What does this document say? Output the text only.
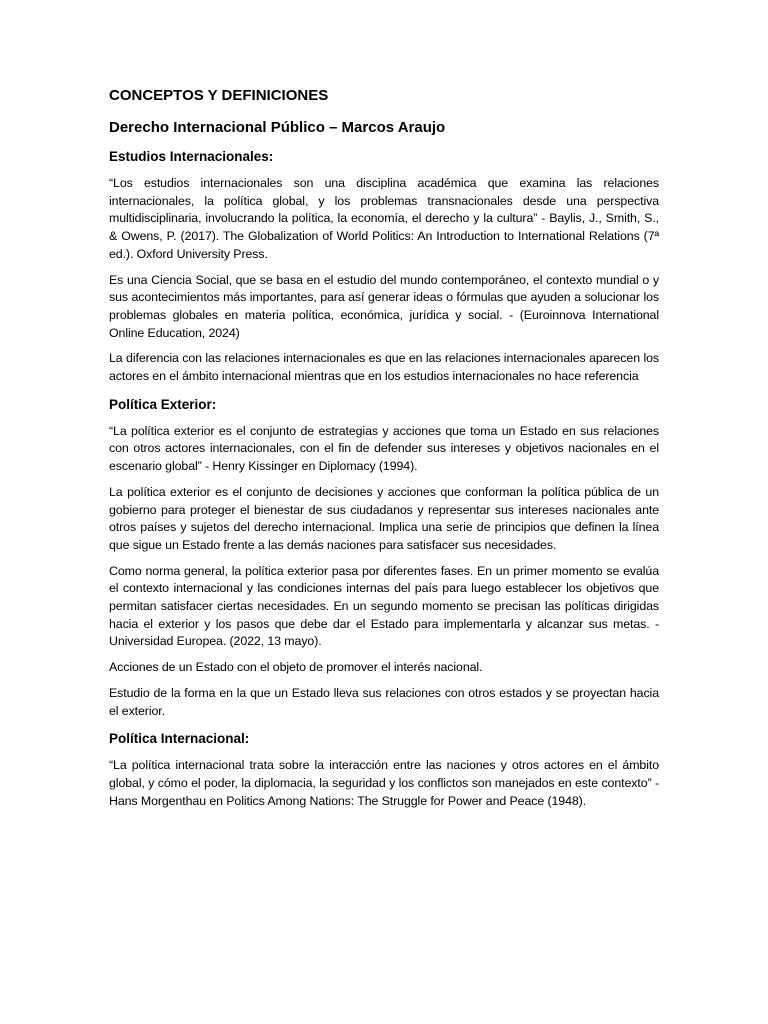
CONCEPTOS Y DEFINICIONES
Derecho Internacional Público – Marcos Araujo
Estudios Internacionales:

“Los estudios internacionales son una disciplina académica que examina las relaciones internacionales, la política global, y los problemas transnacionales desde una perspectiva multidisciplinaria, involucrando la política, la economía, el derecho y la cultura” - Baylis, J., Smith, S., & Owens, P. (2017). The Globalization of World Politics: An Introduction to International Relations (7ª ed.). Oxford University Press.

Es una Ciencia Social, que se basa en el estudio del mundo contemporáneo, el contexto mundial o y sus acontecimientos más importantes, para así generar ideas o fórmulas que ayuden a solucionar los problemas globales en materia política, económica, jurídica y social. - (Euroinnova International Online Education, 2024)

La diferencia con las relaciones internacionales es que en las relaciones internacionales aparecen los actores en el ámbito internacional mientras que en los estudios internacionales no hace referencia

Política Exterior:

“La política exterior es el conjunto de estrategias y acciones que toma un Estado en sus relaciones con otros actores internacionales, con el fin de defender sus intereses y objetivos nacionales en el escenario global” - Henry Kissinger en Diplomacy (1994).

La política exterior es el conjunto de decisiones y acciones que conforman la política pública de un gobierno para proteger el bienestar de sus ciudadanos y representar sus intereses nacionales ante otros países y sujetos del derecho internacional. Implica una serie de principios que definen la línea que sigue un Estado frente a las demás naciones para satisfacer sus necesidades.

Como norma general, la política exterior pasa por diferentes fases. En un primer momento se evalúa el contexto internacional y las condiciones internas del país para luego establecer los objetivos que permitan satisfacer ciertas necesidades. En un segundo momento se precisan las políticas dirigidas hacia el exterior y los pasos que debe dar el Estado para implementarla y alcanzar sus metas. - Universidad Europea. (2022, 13 mayo).

Acciones de un Estado con el objeto de promover el interés nacional.

Estudio de la forma en la que un Estado lleva sus relaciones con otros estados y se proyectan hacia el exterior.

Política Internacional:

“La política internacional trata sobre la interacción entre las naciones y otros actores en el ámbito global, y cómo el poder, la diplomacia, la seguridad y los conflictos son manejados en este contexto” - Hans Morgenthau en Politics Among Nations: The Struggle for Power and Peace (1948).
